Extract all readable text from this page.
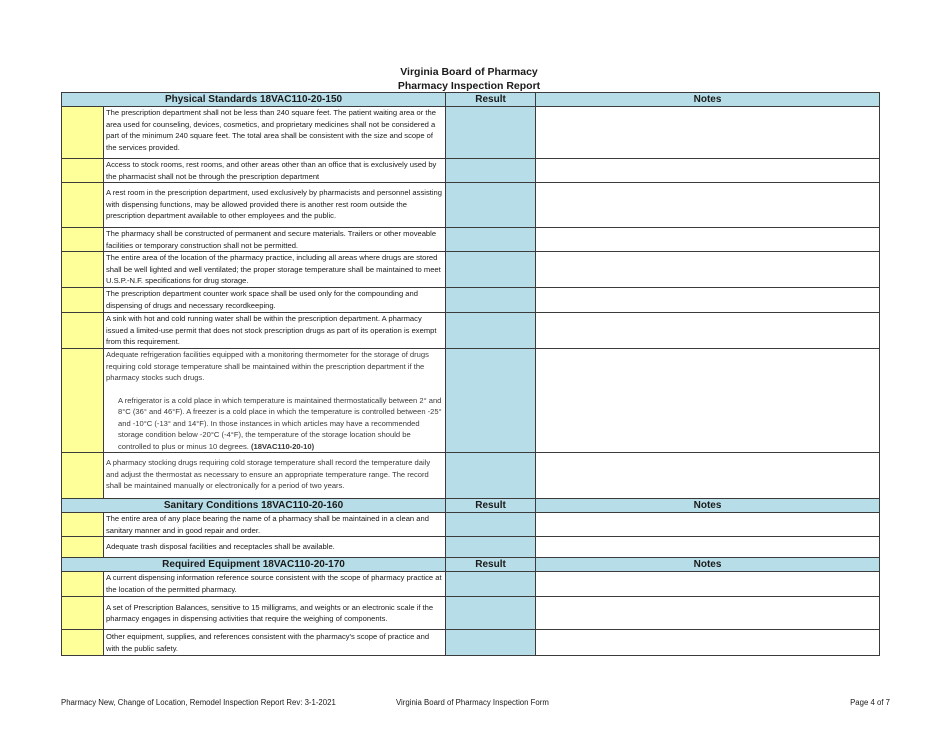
Virginia Board of Pharmacy
Pharmacy Inspection Report
Physical Standards 18VAC110-20-150		Result	Notes
	The prescription department shall not be less than 240 square feet. The patient waiting area or the area used for counseling, devices, cosmetics, and proprietary medicines shall not be considered a part of the minimum 240 square feet. The total area shall be consistent with the size and scope of the services provided.		
	Access to stock rooms, rest rooms, and other areas other than an office that is exclusively used by the pharmacist shall not be through the prescription department		
	A rest room in the prescription department, used exclusively by pharmacists and personnel assisting with dispensing functions, may be allowed provided there is another rest room outside the prescription department available to other employees and the public.		
	The pharmacy shall be constructed of permanent and secure materials. Trailers or other moveable facilities or temporary construction shall not be permitted.		
	The entire area of the location of the pharmacy practice, including all areas where drugs are stored shall be well lighted and well ventilated; the proper storage temperature shall be maintained to meet U.S.P.-N.F. specifications for drug storage.		
	The prescription department counter work space shall be used only for the compounding and dispensing of drugs and necessary recordkeeping.		
	A sink with hot and cold running water shall be within the prescription department. A pharmacy issued a limited-use permit that does not stock prescription drugs as part of its operation is exempt from this requirement.		
	Adequate refrigeration facilities equipped with a monitoring thermometer for the storage of drugs requiring cold storage temperature shall be maintained within the prescription department if the pharmacy stocks such drugs.
A refrigerator is a cold place in which temperature is maintained thermostatically between 2° and 8°C (36° and 46°F). A freezer is a cold place in which the temperature is controlled between -25° and -10°C (-13° and 14°F). In those instances in which articles may have a recommended storage condition below -20°C (-4°F), the temperature of the storage location should be controlled to plus or minus 10 degrees. (18VAC110-20-10)		

	A pharmacy stocking drugs requiring cold storage temperature shall record the temperature daily and adjust the thermostat as necessary to ensure an appropriate temperature range. The record shall be maintained manually or electronically for a period of two years.		
Sanitary Conditions 18VAC110-20-160		Result	Notes
	The entire area of any place bearing the name of a pharmacy shall be maintained in a clean and sanitary manner and in good repair and order.		
	Adequate trash disposal facilities and receptacles shall be available.		
Required Equipment 18VAC110-20-170		Result	Notes
	A current dispensing information reference source consistent with the scope of pharmacy practice at the location of the permitted pharmacy.		
	A set of Prescription Balances, sensitive to 15 milligrams, and weights or an electronic scale if the pharmacy engages in dispensing activities that require the weighing of components.		
	Other equipment, supplies, and references consistent with the pharmacy's scope of practice and with the public safety.		
Pharmacy New, Change of Location, Remodel Inspection Report Rev: 3-1-2021	Virginia Board of Pharmacy Inspection Form	Page 4 of 7
